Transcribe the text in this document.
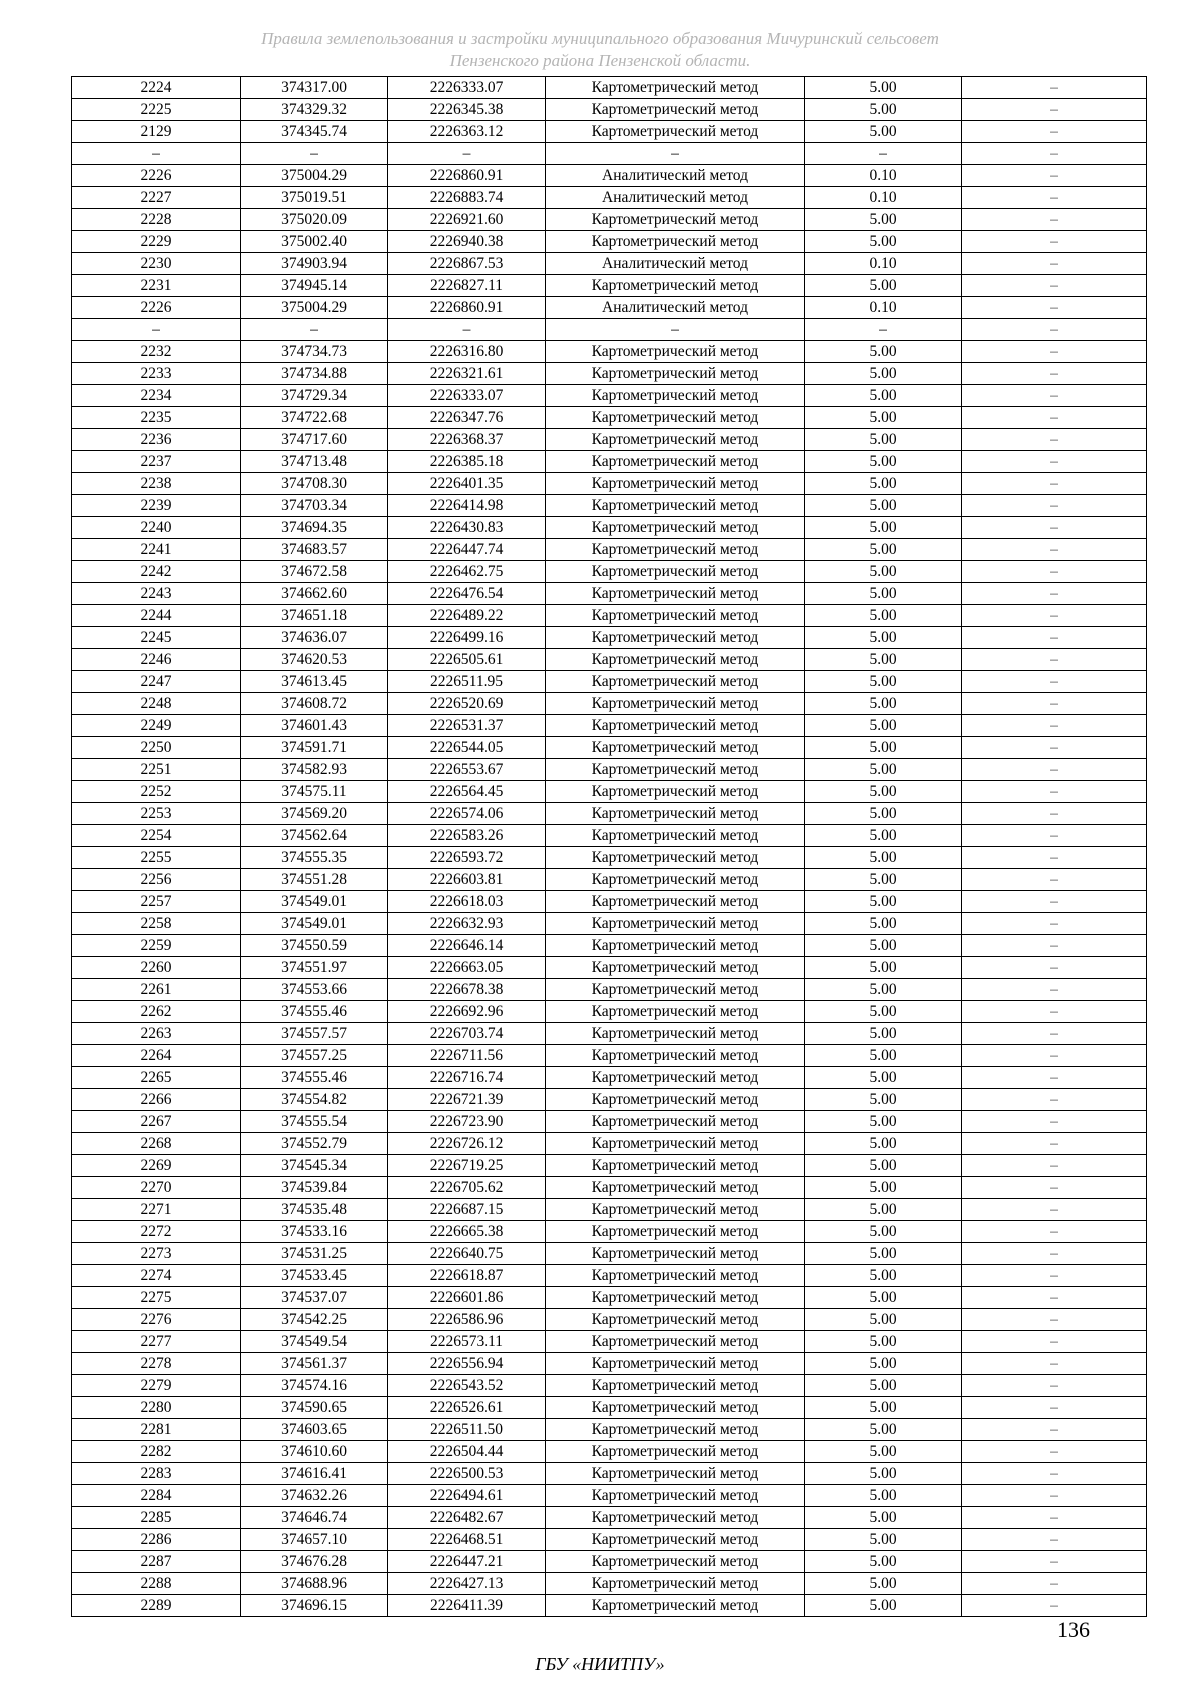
Правила землепользования и застройки муниципального образования Мичуринский сельсовет
Пензенского района Пензенской области.
2224	374317.00	2226333.07	Картометрический метод	5.00	–
2225	374329.32	2226345.38	Картометрический метод	5.00	–
2129	374345.74	2226363.12	Картометрический метод	5.00	–
–	–	–	–	–	–
2226	375004.29	2226860.91	Аналитический метод	0.10	–
2227	375019.51	2226883.74	Аналитический метод	0.10	–
2228	375020.09	2226921.60	Картометрический метод	5.00	–
2229	375002.40	2226940.38	Картометрический метод	5.00	–
2230	374903.94	2226867.53	Аналитический метод	0.10	–
2231	374945.14	2226827.11	Картометрический метод	5.00	–
2226	375004.29	2226860.91	Аналитический метод	0.10	–
–	–	–	–	–	–
2232	374734.73	2226316.80	Картометрический метод	5.00	–
2233	374734.88	2226321.61	Картометрический метод	5.00	–
2234	374729.34	2226333.07	Картометрический метод	5.00	–
2235	374722.68	2226347.76	Картометрический метод	5.00	–
2236	374717.60	2226368.37	Картометрический метод	5.00	–
2237	374713.48	2226385.18	Картометрический метод	5.00	–
2238	374708.30	2226401.35	Картометрический метод	5.00	–
2239	374703.34	2226414.98	Картометрический метод	5.00	–
2240	374694.35	2226430.83	Картометрический метод	5.00	–
2241	374683.57	2226447.74	Картометрический метод	5.00	–
2242	374672.58	2226462.75	Картометрический метод	5.00	–
2243	374662.60	2226476.54	Картометрический метод	5.00	–
2244	374651.18	2226489.22	Картометрический метод	5.00	–
2245	374636.07	2226499.16	Картометрический метод	5.00	–
2246	374620.53	2226505.61	Картометрический метод	5.00	–
2247	374613.45	2226511.95	Картометрический метод	5.00	–
2248	374608.72	2226520.69	Картометрический метод	5.00	–
2249	374601.43	2226531.37	Картометрический метод	5.00	–
2250	374591.71	2226544.05	Картометрический метод	5.00	–
2251	374582.93	2226553.67	Картометрический метод	5.00	–
2252	374575.11	2226564.45	Картометрический метод	5.00	–
2253	374569.20	2226574.06	Картометрический метод	5.00	–
2254	374562.64	2226583.26	Картометрический метод	5.00	–
2255	374555.35	2226593.72	Картометрический метод	5.00	–
2256	374551.28	2226603.81	Картометрический метод	5.00	–
2257	374549.01	2226618.03	Картометрический метод	5.00	–
2258	374549.01	2226632.93	Картометрический метод	5.00	–
2259	374550.59	2226646.14	Картометрический метод	5.00	–
2260	374551.97	2226663.05	Картометрический метод	5.00	–
2261	374553.66	2226678.38	Картометрический метод	5.00	–
2262	374555.46	2226692.96	Картометрический метод	5.00	–
2263	374557.57	2226703.74	Картометрический метод	5.00	–
2264	374557.25	2226711.56	Картометрический метод	5.00	–
2265	374555.46	2226716.74	Картометрический метод	5.00	–
2266	374554.82	2226721.39	Картометрический метод	5.00	–
2267	374555.54	2226723.90	Картометрический метод	5.00	–
2268	374552.79	2226726.12	Картометрический метод	5.00	–
2269	374545.34	2226719.25	Картометрический метод	5.00	–
2270	374539.84	2226705.62	Картометрический метод	5.00	–
2271	374535.48	2226687.15	Картометрический метод	5.00	–
2272	374533.16	2226665.38	Картометрический метод	5.00	–
2273	374531.25	2226640.75	Картометрический метод	5.00	–
2274	374533.45	2226618.87	Картометрический метод	5.00	–
2275	374537.07	2226601.86	Картометрический метод	5.00	–
2276	374542.25	2226586.96	Картометрический метод	5.00	–
2277	374549.54	2226573.11	Картометрический метод	5.00	–
2278	374561.37	2226556.94	Картометрический метод	5.00	–
2279	374574.16	2226543.52	Картометрический метод	5.00	–
2280	374590.65	2226526.61	Картометрический метод	5.00	–
2281	374603.65	2226511.50	Картометрический метод	5.00	–
2282	374610.60	2226504.44	Картометрический метод	5.00	–
2283	374616.41	2226500.53	Картометрический метод	5.00	–
2284	374632.26	2226494.61	Картометрический метод	5.00	–
2285	374646.74	2226482.67	Картометрический метод	5.00	–
2286	374657.10	2226468.51	Картометрический метод	5.00	–
2287	374676.28	2226447.21	Картометрический метод	5.00	–
2288	374688.96	2226427.13	Картометрический метод	5.00	–
2289	374696.15	2226411.39	Картометрический метод	5.00	–
136
ГБУ «НИИТПУ»
